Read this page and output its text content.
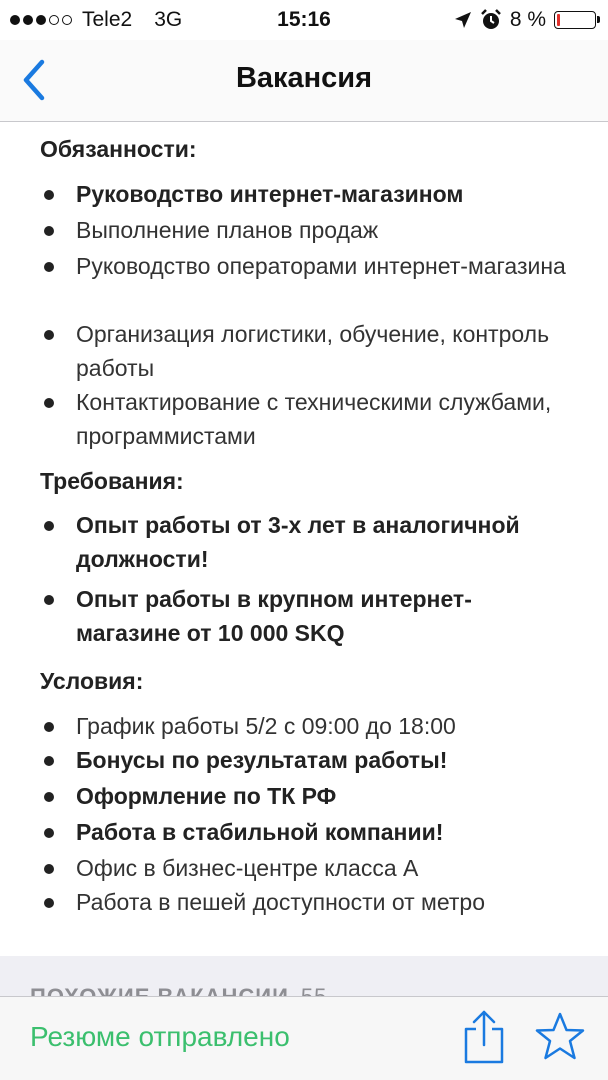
Tele2 3G	15:16	8 %
Вакансия
Обязанности:
Руководство интернет-магазином
Выполнение планов продаж
Руководство операторами интернет-магазина
Организация логистики, обучение, контроль работы
Контактирование с техническими службами, программистами
Требования:
Опыт работы от 3-х лет в аналогичной должности!
Опыт работы в крупном интернет-магазине от 10 000 SKQ
Условия:
График работы 5/2 с 09:00 до 18:00
Бонусы по результатам работы!
Оформление по ТК РФ
Работа в стабильной компании!
Офис в бизнес-центре класса А
Работа в пешей доступности от метро
Резюме отправлено
